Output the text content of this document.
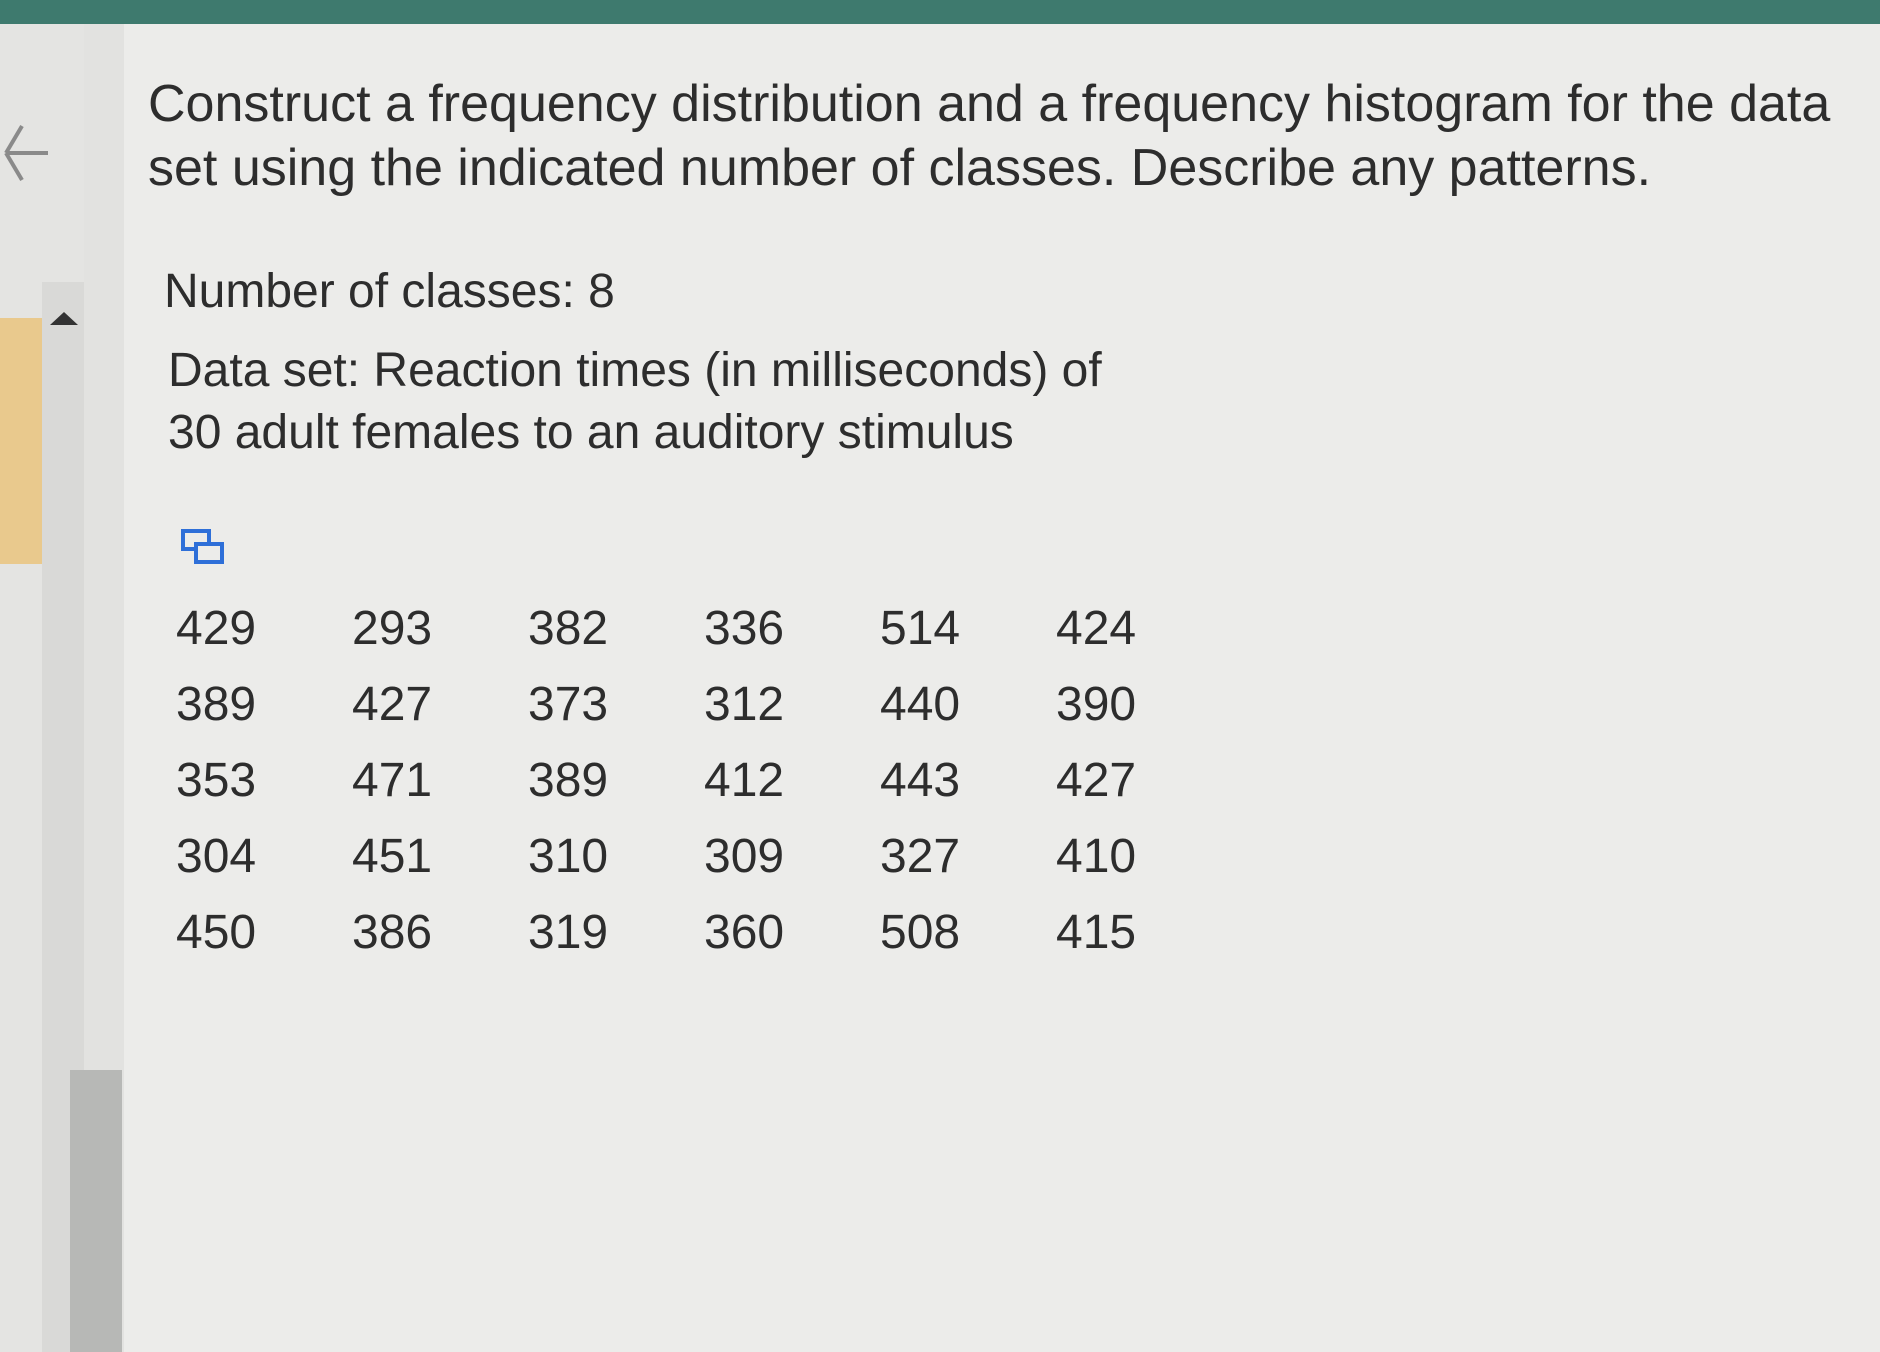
Construct a frequency distribution and a frequency histogram for the data set using the indicated number of classes. Describe any patterns.

Number of classes: 8

Data set: Reaction times (in milliseconds) of 30 adult females to an auditory stimulus

429	293	382	336	514	424
389	427	373	312	440	390
353	471	389	412	443	427
304	451	310	309	327	410
450	386	319	360	508	415
